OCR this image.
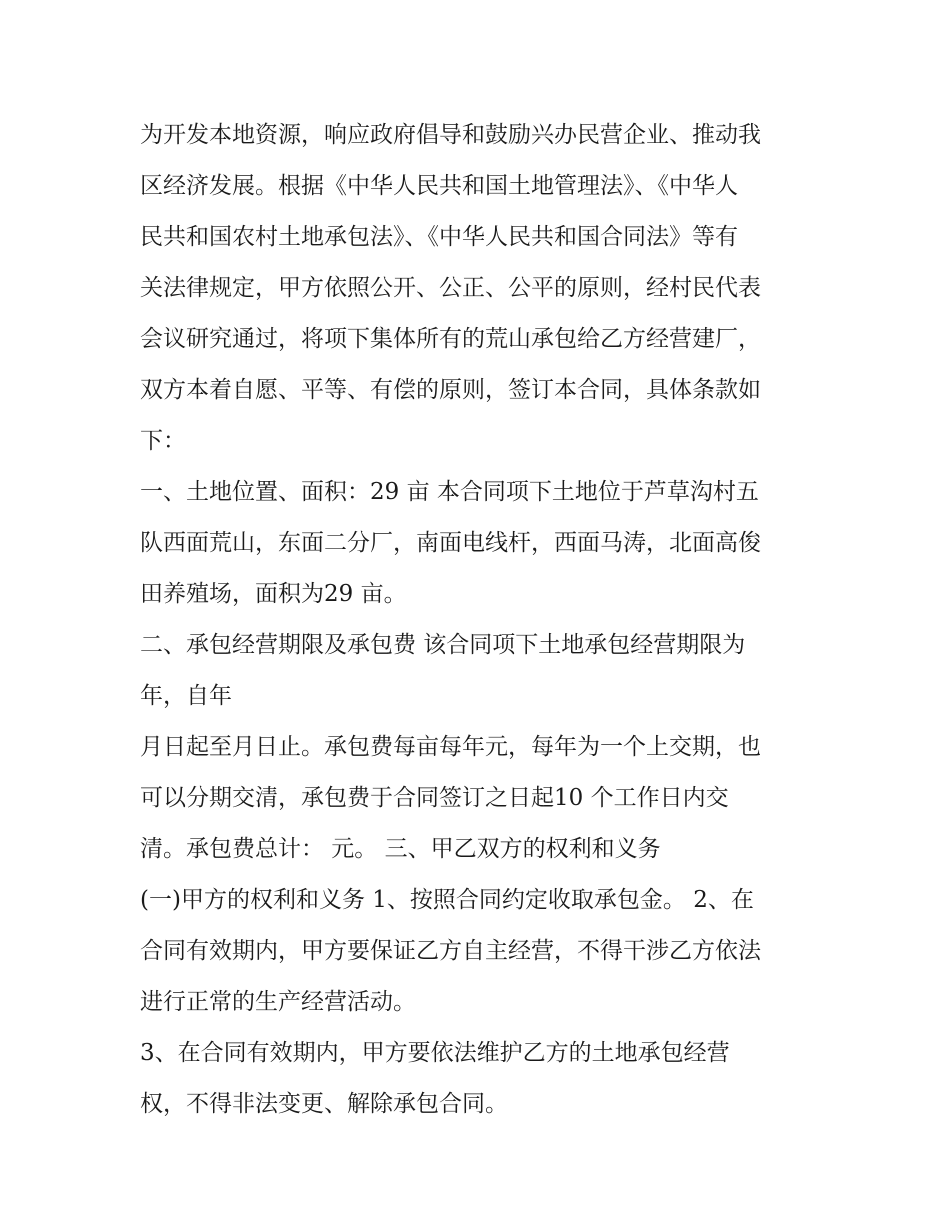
为开发本地资源，响应政府倡导和鼓励兴办民营企业、推动我
区经济发展。根据《中华人民共和国土地管理法》、《中华人
民共和国农村土地承包法》、《中华人民共和国合同法》等有
关法律规定，甲方依照公开、公正、公平的原则，经村民代表
会议研究通过，将项下集体所有的荒山承包给乙方经营建厂，
双方本着自愿、平等、有偿的原则，签订本合同，具体条款如
下：
一、土地位置、面积：29 亩 本合同项下土地位于芦草沟村五
队西面荒山，东面二分厂，南面电线杆，西面马涛，北面高俊
田养殖场，面积为29 亩。
二、承包经营期限及承包费 该合同项下土地承包经营期限为
年，自年
月日起至月日止。承包费每亩每年元，每年为一个上交期，也
可以分期交清，承包费于合同签订之日起10 个工作日内交
清。承包费总计： 元。 三、甲乙双方的权利和义务
(一)甲方的权利和义务 1、按照合同约定收取承包金。 2、在
合同有效期内，甲方要保证乙方自主经营，不得干涉乙方依法
进行正常的生产经营活动。
3、在合同有效期内，甲方要依法维护乙方的土地承包经营
权，不得非法变更、解除承包合同。
